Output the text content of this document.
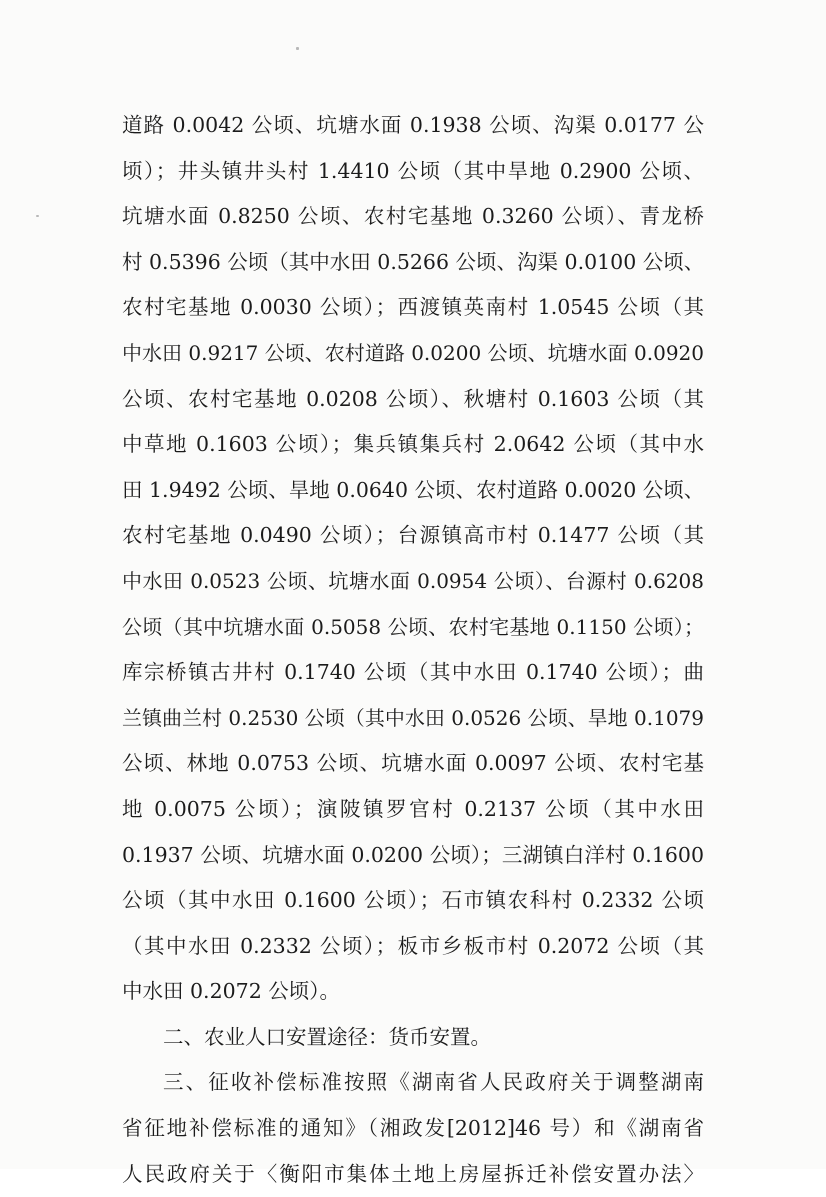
道路 0.0042 公顷、坑塘水面 0.1938 公顷、沟渠 0.0177 公
顷）；井头镇井头村 1.4410 公顷（其中旱地 0.2900 公顷、
坑塘水面 0.8250 公顷、农村宅基地 0.3260 公顷）、青龙桥
村 0.5396 公顷（其中水田 0.5266 公顷、沟渠 0.0100 公顷、
农村宅基地 0.0030 公顷）；西渡镇英南村 1.0545 公顷（其
中水田 0.9217 公顷、农村道路 0.0200 公顷、坑塘水面 0.0920
公顷、农村宅基地 0.0208 公顷）、秋塘村 0.1603 公顷（其
中草地 0.1603 公顷）；集兵镇集兵村 2.0642 公顷（其中水
田 1.9492 公顷、旱地 0.0640 公顷、农村道路 0.0020 公顷、
农村宅基地 0.0490 公顷）；台源镇高市村 0.1477 公顷（其
中水田 0.0523 公顷、坑塘水面 0.0954 公顷）、台源村 0.6208
公顷（其中坑塘水面 0.5058 公顷、农村宅基地 0.1150 公顷）；
库宗桥镇古井村 0.1740 公顷（其中水田 0.1740 公顷）；曲
兰镇曲兰村 0.2530 公顷（其中水田 0.0526 公顷、旱地 0.1079
公顷、林地 0.0753 公顷、坑塘水面 0.0097 公顷、农村宅基
地 0.0075 公顷）；演陂镇罗官村 0.2137 公顷（其中水田
0.1937 公顷、坑塘水面 0.0200 公顷）；三湖镇白洋村 0.1600
公顷（其中水田 0.1600 公顷）；石市镇农科村 0.2332 公顷
（其中水田 0.2332 公顷）；板市乡板市村 0.2072 公顷（其
中水田 0.2072 公顷）。
二、农业人口安置途径：货币安置。
三、征收补偿标准按照《湖南省人民政府关于调整湖南
省征地补偿标准的通知》（湘政发[2012]46 号）和《湖南省
人民政府关于〈衡阳市集体土地上房屋拆迁补偿安置办法〉
